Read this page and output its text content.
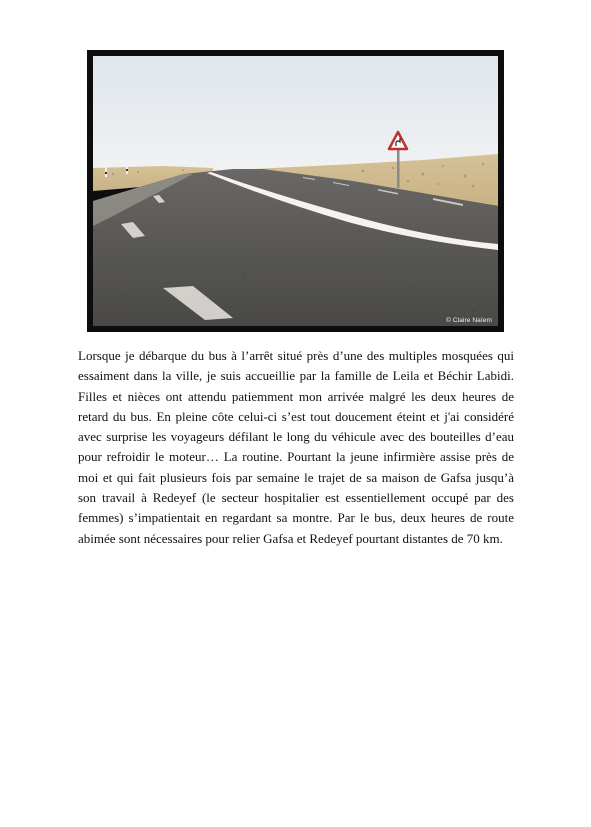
© Claire Naïem

Lorsque je débarque du bus à l’arrêt situé près d’une des multiples mosquées qui essaiment dans la ville, je suis accueillie par la famille de Leila et Béchir Labidi. Filles et nièces ont attendu patiemment mon arrivée malgré les deux heures de retard du bus. En pleine côte celui-ci s’est tout doucement éteint et j'ai considéré avec surprise les voyageurs défilant le long du véhicule avec des bouteilles d’eau pour refroidir le moteur… La routine. Pourtant la jeune infirmière assise près de moi et qui fait plusieurs fois par semaine le trajet de sa maison de Gafsa jusqu’à son travail à Redeyef (le secteur hospitalier est essentiellement occupé par des femmes) s’impatientait en regardant sa montre. Par le bus, deux heures de route abimée sont nécessaires pour relier Gafsa et Redeyef pourtant distantes de 70 km.
